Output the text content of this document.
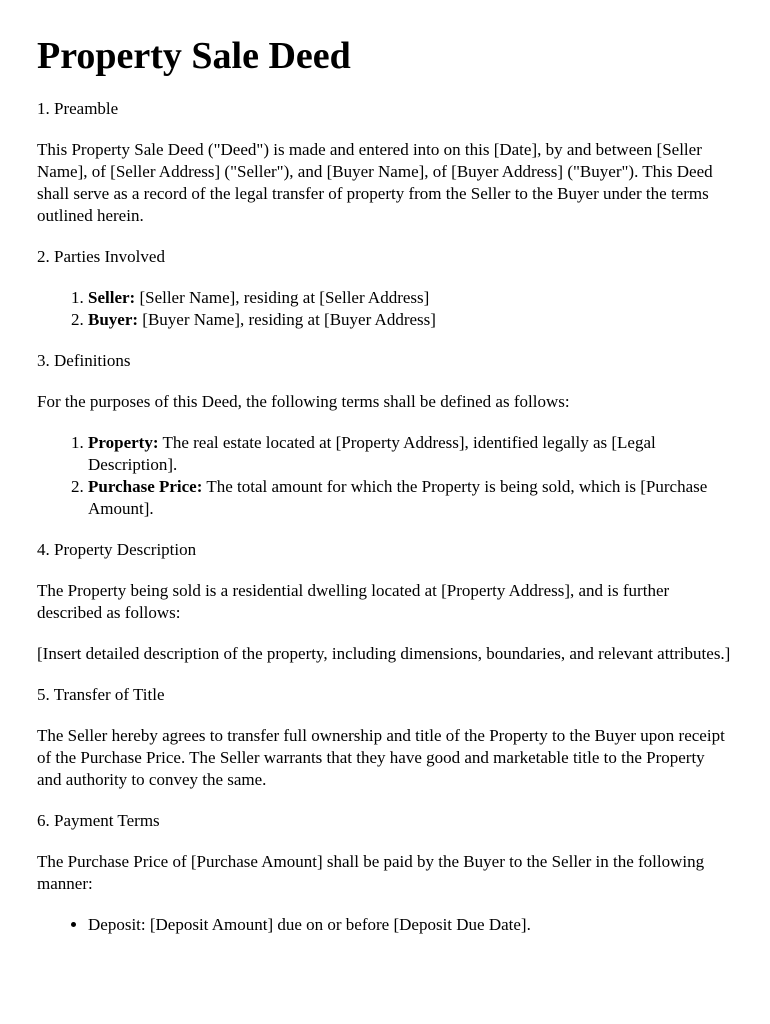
Property Sale Deed
1. Preamble

This Property Sale Deed ("Deed") is made and entered into on this [Date], by and between [Seller Name], of [Seller Address] ("Seller"), and [Buyer Name], of [Buyer Address] ("Buyer"). This Deed shall serve as a record of the legal transfer of property from the Seller to the Buyer under the terms outlined herein.

2. Parties Involved
1. Seller: [Seller Name], residing at [Seller Address]
2. Buyer: [Buyer Name], residing at [Buyer Address]
3. Definitions

For the purposes of this Deed, the following terms shall be defined as follows:

1. Property: The real estate located at [Property Address], identified legally as [Legal Description].
2. Purchase Price: The total amount for which the Property is being sold, which is [Purchase Amount].
4. Property Description

The Property being sold is a residential dwelling located at [Property Address], and is further described as follows:

[Insert detailed description of the property, including dimensions, boundaries, and relevant attributes.]

5. Transfer of Title

The Seller hereby agrees to transfer full ownership and title of the Property to the Buyer upon receipt of the Purchase Price. The Seller warrants that they have good and marketable title to the Property and authority to convey the same.

6. Payment Terms

The Purchase Price of [Purchase Amount] shall be paid by the Buyer to the Seller in the following manner:

• Deposit: [Deposit Amount] due on or before [Deposit Due Date].
